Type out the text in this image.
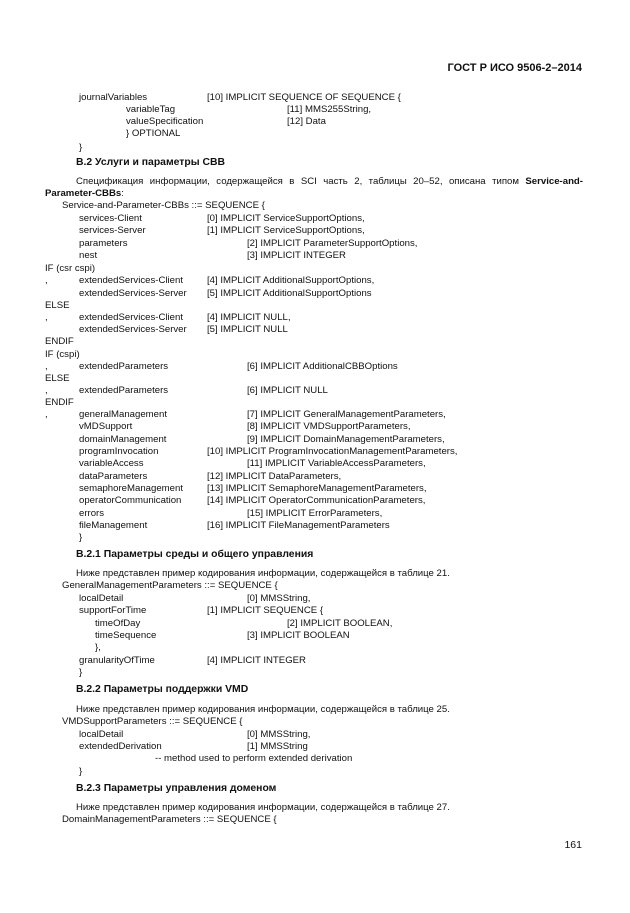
ГОСТ Р ИСО 9506-2–2014
Спецификация информации, содержащейся в SCI часть 2, таблицы 20–52, описана типом Service-and-Parameter-CBBs:
journalVariables	[10] IMPLICIT SEQUENCE OF SEQUENCE {
variableTag	[11] MMS255String,
valueSpecification	[12] Data
} OPTIONAL
}
В.2 Услуги и параметры CBB
Service-and-Parameter-CBBs ::= SEQUENCE {
services-Client	[0] IMPLICIT ServiceSupportOptions,
services-Server	[1] IMPLICIT ServiceSupportOptions,
parameters	[2] IMPLICIT ParameterSupportOptions,
nest	[3] IMPLICIT INTEGER
IF (csr cspi)
,	extendedServices-Client	[4] IMPLICIT AdditionalSupportOptions,
extendedServices-Server [5] IMPLICIT AdditionalSupportOptions
ELSE
,	extendedServices-Client	[4] IMPLICIT NULL,
extendedServices-Server [5] IMPLICIT NULL
ENDIF
IF (cspi)
,	extendedParameters	[6] IMPLICIT AdditionalCBBOptions
ELSE
,	extendedParameters	[6] IMPLICIT NULL
ENDIF
,	generalManagement	[7] IMPLICIT GeneralManagementParameters,
vMDSupport	[8] IMPLICIT VMDSupportParameters,
domainManagement	[9] IMPLICIT DomainManagementParameters,
programInvocation	[10] IMPLICIT ProgramInvocationManagementParameters,
variableAccess	[11] IMPLICIT VariableAccessParameters,
dataParameters	[12] IMPLICIT DataParameters,
semaphoreManagement	[13] IMPLICIT SemaphoreManagementParameters,
operatorCommunication	[14] IMPLICIT OperatorCommunicationParameters,
errors	[15] IMPLICIT ErrorParameters,
fileManagement	[16] IMPLICIT FileManagementParameters
}
В.2.1 Параметры среды и общего управления
Ниже представлен пример кодирования информации, содержащейся в таблице 21.
GeneralManagementParameters ::= SEQUENCE {
localDetail	[0] MMSString,
supportForTime	[1] IMPLICIT SEQUENCE {
timeOfDay	[2] IMPLICIT BOOLEAN,
timeSequence	[3] IMPLICIT BOOLEAN
},
granularityOfTime	[4] IMPLICIT INTEGER
}
В.2.2 Параметры поддержки VMD
Ниже представлен пример кодирования информации, содержащейся в таблице 25.
VMDSupportParameters ::= SEQUENCE {
localDetail	[0] MMSString,
extendedDerivation	[1] MMSString
-- method used to perform extended derivation
}
В.2.3 Параметры управления доменом
Ниже представлен пример кодирования информации, содержащейся в таблице 27.
DomainManagementParameters ::= SEQUENCE {
161
